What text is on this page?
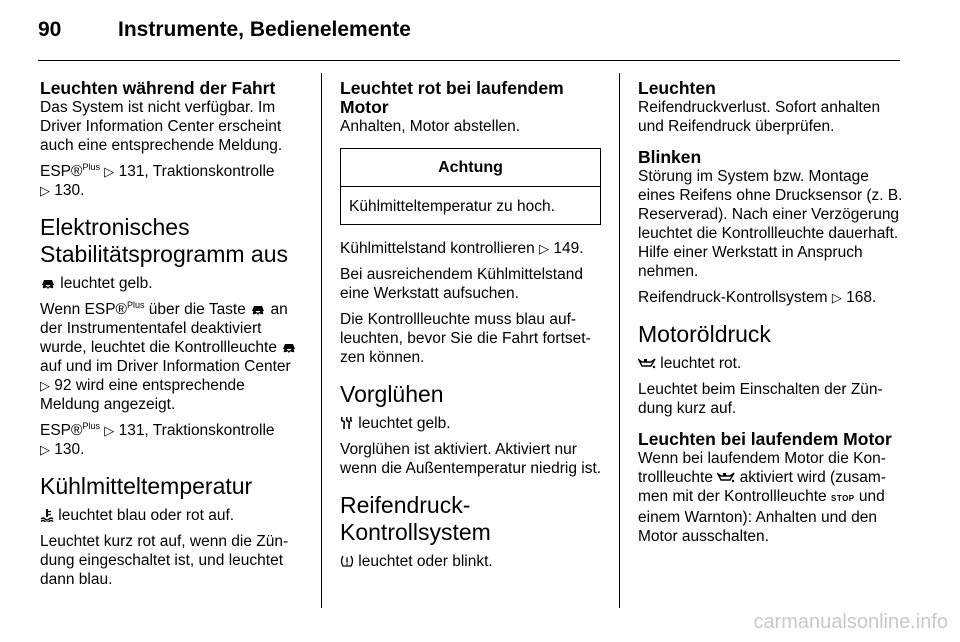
90	Instrumente, Bedienelemente
Leuchten während der Fahrt

Das System ist nicht verfügbar. Im Driver Information Center erscheint auch eine entsprechende Meldung.

ESP®$^{Plus}$ ▷ 131, Traktionskontrolle
▷ 130.

Elektronisches Stabilitätsprogramm aus

leuchtet gelb.

Wenn ESP®$^{Plus}$ über die Taste  an der Instrumententafel deaktiviert wurde, leuchtet die Kontrollleuchte  auf und im Driver Information Center ▷ 92 wird eine entsprechende Meldung angezeigt.

ESP®$^{Plus}$ ▷ 131, Traktionskontrolle
▷ 130.

Kühlmitteltemperatur

leuchtet blau oder rot auf.

Leuchtet kurz rot auf, wenn die Zündung eingeschaltet ist, und leuchtet dann blau.

Leuchtet rot bei laufendem Motor

Anhalten, Motor abstellen.

Achtung
Kühlmitteltemperatur zu hoch.

Kühlmittelstand kontrollieren ▷ 149.

Bei ausreichendem Kühlmittelstand eine Werkstatt aufsuchen.

Die Kontrollleuchte muss blau aufleuchten, bevor Sie die Fahrt fortsetzen können.

Vorglühen

leuchtet gelb.

Vorglühen ist aktiviert. Aktiviert nur wenn die Außentemperatur niedrig ist.

Reifendruck-Kontrollsystem

leuchtet oder blinkt.

Leuchten

Reifendruckverlust. Sofort anhalten und Reifendruck überprüfen.

Blinken

Störung im System bzw. Montage eines Reifens ohne Drucksensor (z. B. Reserverad). Nach einer Verzögerung leuchtet die Kontrollleuchte dauerhaft. Hilfe einer Werkstatt in Anspruch nehmen.

Reifendruck-Kontrollsystem ▷ 168.

Motoröldruck

leuchtet rot.

Leuchtet beim Einschalten der Zündung kurz auf.

Leuchten bei laufendem Motor

Wenn bei laufendem Motor die Kontrollleuchte  aktiviert wird (zusammen mit der Kontrollleuchte STOP und einem Warnton): Anhalten und den Motor ausschalten.

carmanualsonline.info
